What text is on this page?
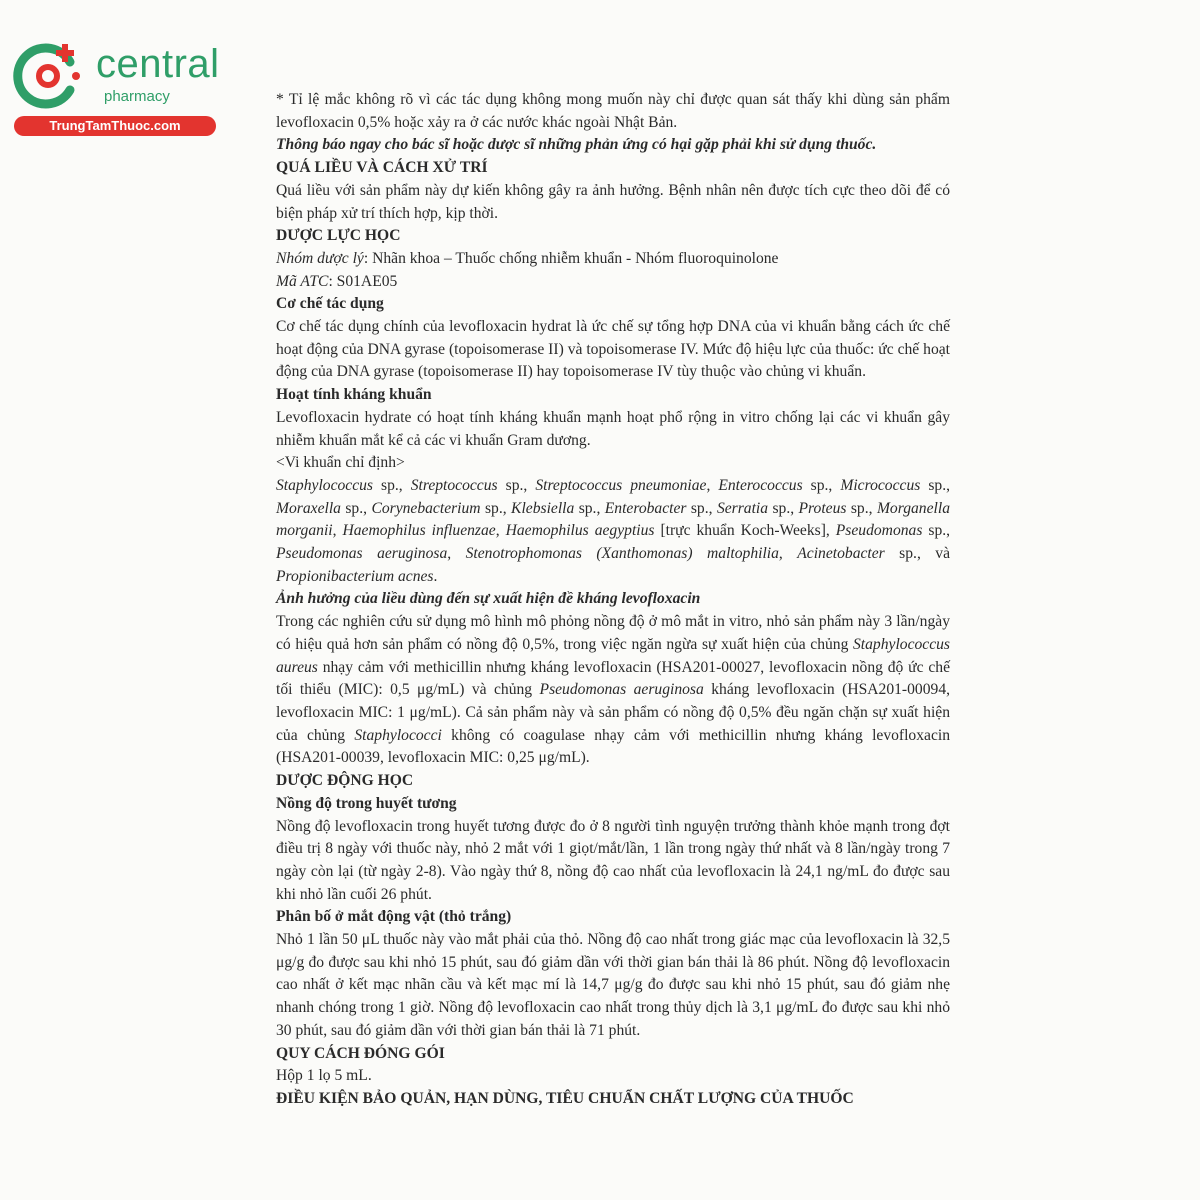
central
pharmacy
TrungTamThuoc.com

* Tỉ lệ mắc không rõ vì các tác dụng không mong muốn này chỉ được quan sát thấy khi dùng sản phẩm levofloxacin 0,5% hoặc xảy ra ở các nước khác ngoài Nhật Bản.

Thông báo ngay cho bác sĩ hoặc dược sĩ những phản ứng có hại gặp phải khi sử dụng thuốc.

QUÁ LIỀU VÀ CÁCH XỬ TRÍ

Quá liều với sản phẩm này dự kiến không gây ra ảnh hưởng. Bệnh nhân nên được tích cực theo dõi để có biện pháp xử trí thích hợp, kịp thời.

DƯỢC LỰC HỌC

Nhóm dược lý: Nhãn khoa – Thuốc chống nhiễm khuẩn - Nhóm fluoroquinolone

Mã ATC: S01AE05

Cơ chế tác dụng

Cơ chế tác dụng chính của levofloxacin hydrat là ức chế sự tổng hợp DNA của vi khuẩn bằng cách ức chế hoạt động của DNA gyrase (topoisomerase II) và topoisomerase IV. Mức độ hiệu lực của thuốc: ức chế hoạt động của DNA gyrase (topoisomerase II) hay topoisomerase IV tùy thuộc vào chủng vi khuẩn.

Hoạt tính kháng khuẩn

Levofloxacin hydrate có hoạt tính kháng khuẩn mạnh hoạt phổ rộng in vitro chống lại các vi khuẩn gây nhiễm khuẩn mắt kể cả các vi khuẩn Gram dương.

<Vi khuẩn chỉ định>

Staphylococcus sp., Streptococcus sp., Streptococcus pneumoniae, Enterococcus sp., Micrococcus sp., Moraxella sp., Corynebacterium sp., Klebsiella sp., Enterobacter sp., Serratia sp., Proteus sp., Morganella morganii, Haemophilus influenzae, Haemophilus aegyptius [trực khuẩn Koch-Weeks], Pseudomonas sp., Pseudomonas aeruginosa, Stenotrophomonas (Xanthomonas) maltophilia, Acinetobacter sp., và Propionibacterium acnes.

Ảnh hưởng của liều dùng đến sự xuất hiện đề kháng levofloxacin

Trong các nghiên cứu sử dụng mô hình mô phỏng nồng độ ở mô mắt in vitro, nhỏ sản phẩm này 3 lần/ngày có hiệu quả hơn sản phẩm có nồng độ 0,5%, trong việc ngăn ngừa sự xuất hiện của chủng Staphylococcus aureus nhạy cảm với methicillin nhưng kháng levofloxacin (HSA201-00027, levofloxacin nồng độ ức chế tối thiểu (MIC): 0,5 μg/mL) và chủng Pseudomonas aeruginosa kháng levofloxacin (HSA201-00094, levofloxacin MIC: 1 μg/mL). Cả sản phẩm này và sản phẩm có nồng độ 0,5% đều ngăn chặn sự xuất hiện của chủng Staphylococci không có coagulase nhạy cảm với methicillin nhưng kháng levofloxacin (HSA201-00039, levofloxacin MIC: 0,25 μg/mL).

DƯỢC ĐỘNG HỌC

Nồng độ trong huyết tương

Nồng độ levofloxacin trong huyết tương được đo ở 8 người tình nguyện trưởng thành khỏe mạnh trong đợt điều trị 8 ngày với thuốc này, nhỏ 2 mắt với 1 giọt/mắt/lần, 1 lần trong ngày thứ nhất và 8 lần/ngày trong 7 ngày còn lại (từ ngày 2-8). Vào ngày thứ 8, nồng độ cao nhất của levofloxacin là 24,1 ng/mL đo được sau khi nhỏ lần cuối 26 phút.

Phân bố ở mắt động vật (thỏ trắng)

Nhỏ 1 lần 50 μL thuốc này vào mắt phải của thỏ. Nồng độ cao nhất trong giác mạc của levofloxacin là 32,5 μg/g đo được sau khi nhỏ 15 phút, sau đó giảm dần với thời gian bán thải là 86 phút. Nồng độ levofloxacin cao nhất ở kết mạc nhãn cầu và kết mạc mí là 14,7 μg/g đo được sau khi nhỏ 15 phút, sau đó giảm nhẹ nhanh chóng trong 1 giờ. Nồng độ levofloxacin cao nhất trong thủy dịch là 3,1 μg/mL đo được sau khi nhỏ 30 phút, sau đó giảm dần với thời gian bán thải là 71 phút.

QUY CÁCH ĐÓNG GÓI

Hộp 1 lọ 5 mL.

ĐIỀU KIỆN BẢO QUẢN, HẠN DÙNG, TIÊU CHUẨN CHẤT LƯỢNG CỦA THUỐC
